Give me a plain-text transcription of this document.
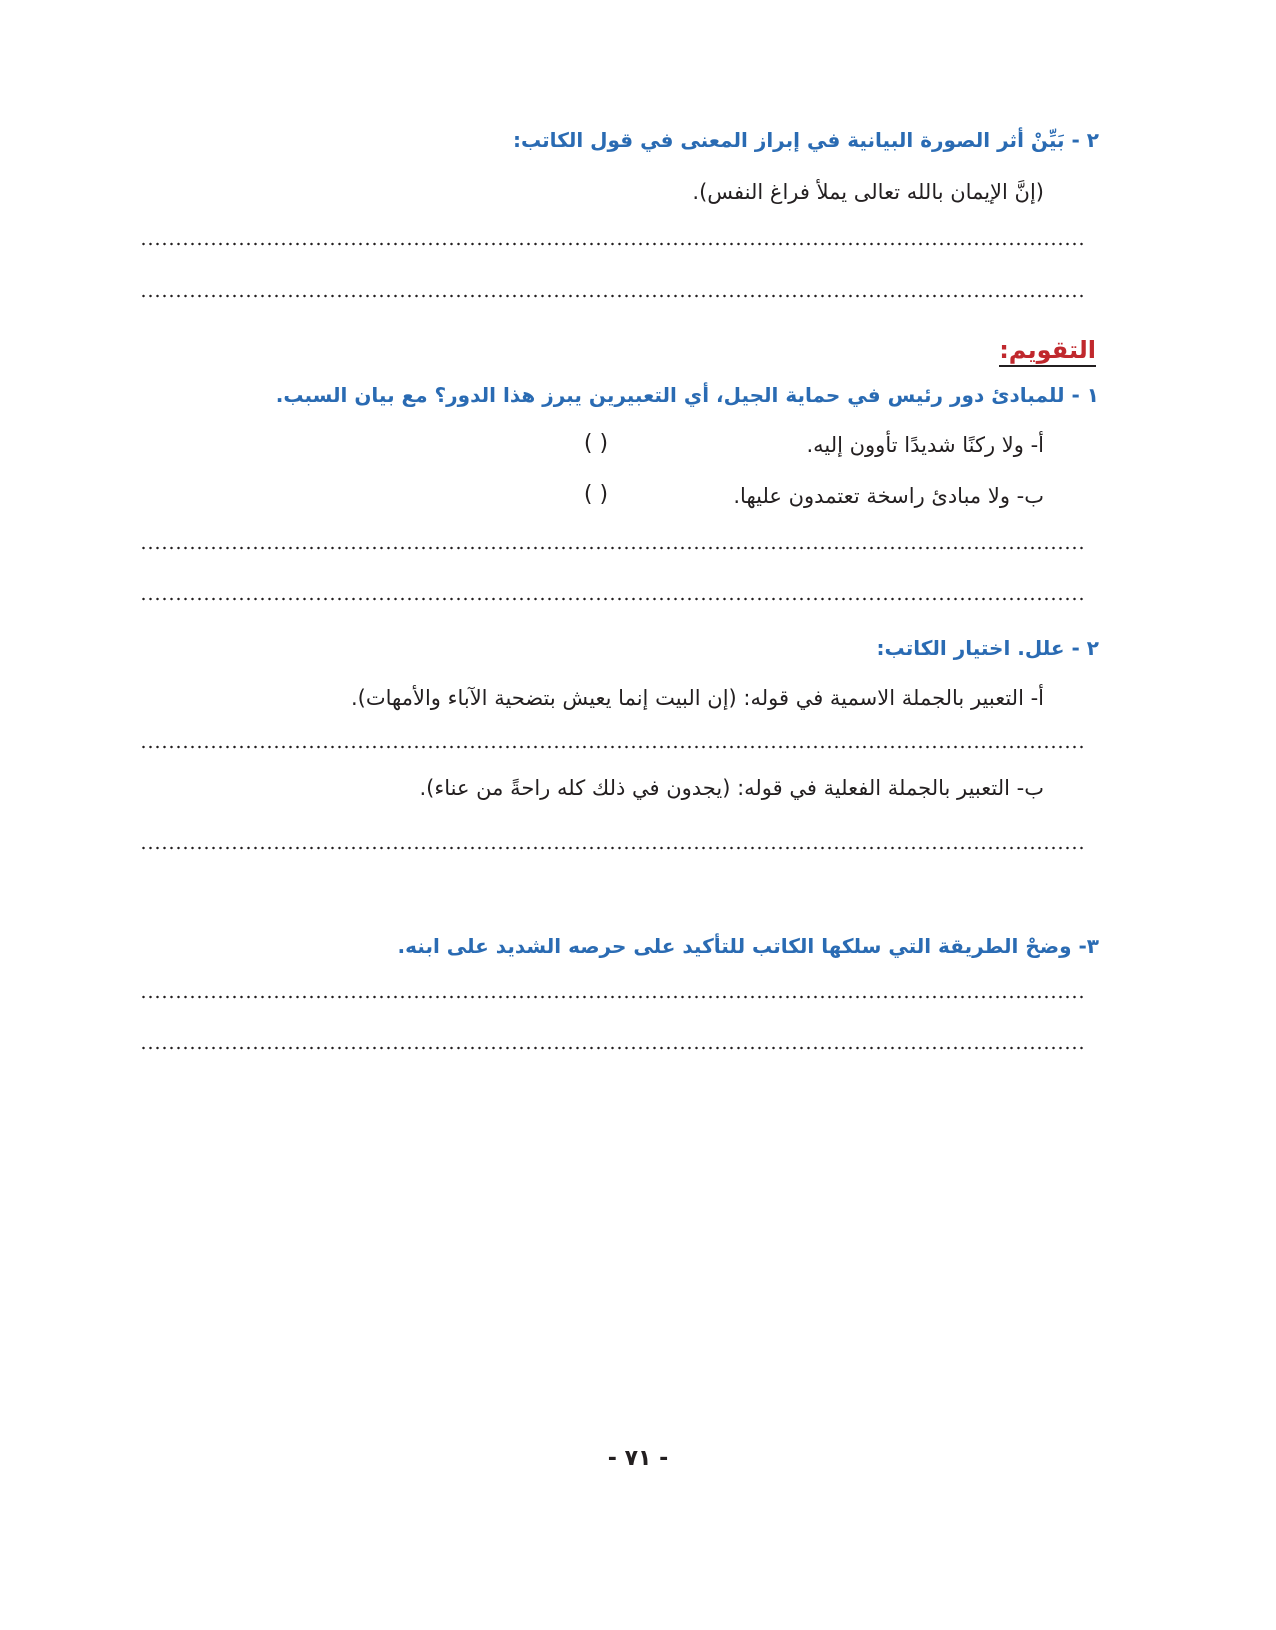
٢ - بَيِّنْ أثر الصورة البيانية في إبراز المعنى في قول الكاتب:
(إنَّ الإيمان بالله تعالى يملأ فراغ النفس).
التقويم:
١ - للمبادئ دور رئيس في حماية الجيل، أي التعبيرين يبرز هذا الدور؟ مع بيان السبب.
أ- ولا ركنًا شديدًا تأوون إليه.
( )
ب- ولا مبادئ راسخة تعتمدون عليها.
( )
٢ - علل. اختيار الكاتب:
أ- التعبير بالجملة الاسمية في قوله: (إن البيت إنما يعيش بتضحية الآباء والأمهات).
ب- التعبير بالجملة الفعلية في قوله: (يجدون في ذلك كله راحةً من عناء).
٣- وضحْ الطريقة التي سلكها الكاتب للتأكيد على حرصه الشديد على ابنه.
- ٧١ -
